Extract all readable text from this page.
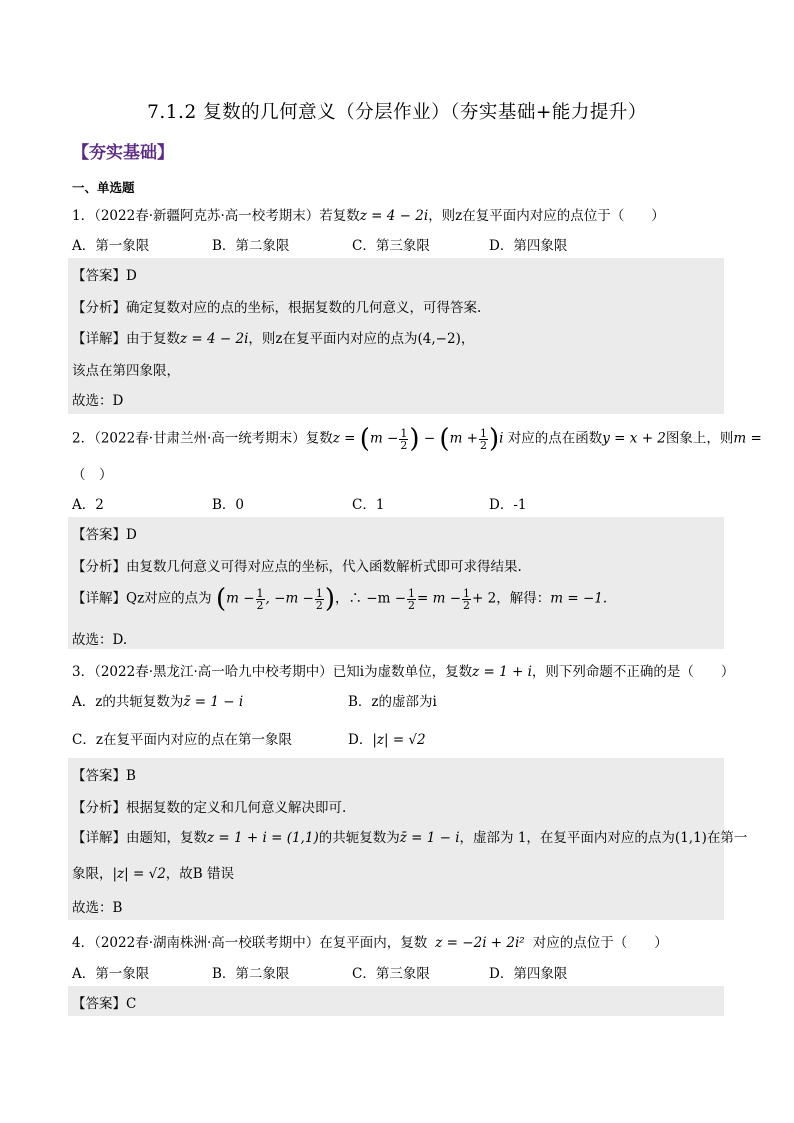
7.1.2 复数的几何意义（分层作业）（夯实基础+能力提升）
【夯实基础】
一、单选题
1．（2022春·新疆阿克苏·高一校考期末）若复数z = 4 − 2i，则z在复平面内对应的点位于（　　）
A．第一象限	B．第二象限	C．第三象限	D．第四象限
【答案】D
【分析】确定复数对应的点的坐标，根据复数的几何意义，可得答案.
【详解】由于复数z = 4 − 2i，则z在复平面内对应的点为(4,−2)，
该点在第四象限，
故选：D
2．（2022春·甘肃兰州·高一统考期末）复数$z = (m - \frac{1}{2}$ ) − $(m + \frac{1}{2} )i$ 对应的点在函数y = x + 2图象上，则m =
（　）
A．2	B．0	C．1	D．-1
【答案】D
【分析】由复数几何意义可得对应点的坐标，代入函数解析式即可求得结果.
【详解】Qz对应的点为 ($m - \frac{1}{2}$ , $-m - \frac{1}{2}$ )，∴ $-m - \frac{1}{2} = m - \frac{1}{2} + 2$，解得：m = −1.
故选：D.
3．（2022春·黑龙江·高一哈九中校考期中）已知i为虚数单位，复数z = 1 + i，则下列命题不正确的是（　　）
A．z的共轭复数为z̄ = 1 − i	B．z的虚部为i
C．z在复平面内对应的点在第一象限	D．|z| = √2
【答案】B
【分析】根据复数的定义和几何意义解决即可.
【详解】由题知，复数z = 1 + i = (1,1)的共轭复数为z̄ = 1 − i，虚部为 1，在复平面内对应的点为(1,1)在第一
象限，|z| = √2，故B 错误
故选：B
4．（2022春·湖南株洲·高一校联考期中）在复平面内，复数 z = −2i + 2i² 对应的点位于（　　）
A．第一象限	B．第二象限	C．第三象限	D．第四象限
【答案】C
